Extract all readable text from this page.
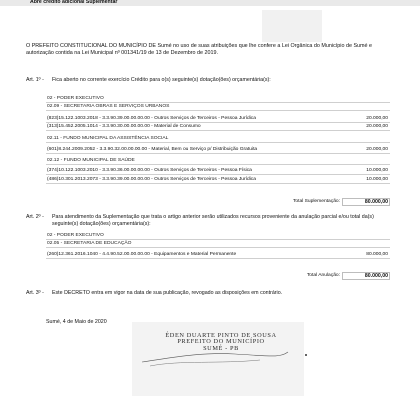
Abre crédito adicional Suplementar
O PREFEITO CONSTITUCIONAL DO MUNICÍPIO DE Sumé no uso de suas atribuições que lhe confere a Lei Orgânica do Município de Sumé e autorização contida na Lei Municipal nº 001341/19 de 13 de Dezembro de 2019.
Art. 1º - Fica aberto no corrente exercício Crédito para o(s) seguinte(s) dotação(ões) orçamentária(s):
02 - PODER EXECUTIVO
02.09 - SECRETARIA OBRAS E SERVIÇOS URBANOS
(823)15.122.1003.2018 - 3.3.90.39.00.00.00.00 - Outros Serviços de Terceiros - Pessoa Jurídica	20.000,00
(313)15.452.2005.1014 - 3.3.90.30.00.00.00.00 - Material de Consumo	20.000,00
02.11 - FUNDO MUNICIPAL DA ASSISTÊNCIA SOCIAL
(601)8.244.2009.2052 - 3.3.90.32.00.00.00.00 - Material, Bem ou Serviço p/ Distribuição Gratuita	20.000,00
02.12 - FUNDO MUNICIPAL DE SAÚDE
(374)10.122.1003.2010 - 3.3.90.36.00.00.00.00 - Outros Serviços de Terceiros - Pessoa Física	10.000,00
(486)10.301.2013.2073 - 3.3.90.39.00.00.00.00 - Outros Serviços de Terceiros - Pessoa Jurídica	10.000,00
Total Suplementação:	80.000,00
Art. 2º - Para atendimento da Suplementação que trata o artigo anterior serão utilizados recursos proveniente da anulação parcial e/ou total da(s) seguinte(s) dotação(ões) orçamentária(s):
02 - PODER EXECUTIVO
02.05 - SECRETARIA DE EDUCAÇÃO
(260)12.361.2016.1040 - 4.4.90.52.00.00.00.00 - Equipamentos e Material Permanente	80.000,00
Total Anulação:	80.000,00
Art. 3º - Este DECRETO entra em vigor na data de sua publicação, revogado as disposições em contrário.
Sumé, 4 de Maio de 2020
ÉDEN DUARTE PINTO DE SOUSA
PREFEITO DO MUNICÍPIO
SUMÉ - PB
